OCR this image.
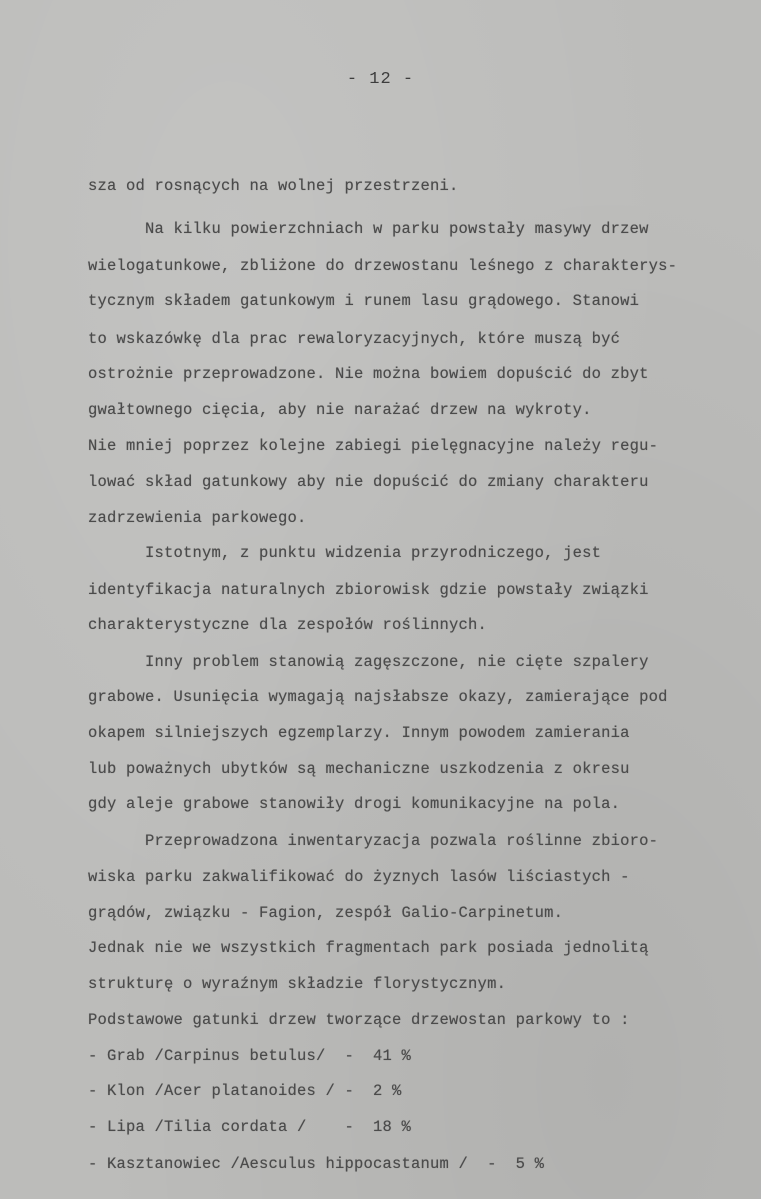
- 12 -
sza od rosnących na wolnej przestrzeni.
Na kilku powierzchniach w parku powstały masywy drzew
wielogatunkowe, zbliżone do drzewostanu leśnego z charakterys-
tycznym składem gatunkowym i runem lasu grądowego. Stanowi
to wskazówkę dla prac rewaloryzacyjnych, które muszą być
ostrożnie przeprowadzone. Nie można bowiem dopuścić do zbyt
gwałtownego cięcia, aby nie narażać drzew na wykroty.
Nie mniej poprzez kolejne zabiegi pielęgnacyjne należy regu-
lować skład gatunkowy aby nie dopuścić do zmiany charakteru
zadrzewienia parkowego.
Istotnym, z punktu widzenia przyrodniczego, jest
identyfikacja naturalnych zbiorowisk gdzie powstały związki
charakterystyczne dla zespołów roślinnych.
Inny problem stanowią zagęszczone, nie cięte szpalery
grabowe. Usunięcia wymagają najsłabsze okazy, zamierające pod
okapem silniejszych egzemplarzy. Innym powodem zamierania
lub poważnych ubytków są mechaniczne uszkodzenia z okresu
gdy aleje grabowe stanowiły drogi komunikacyjne na pola.
Przeprowadzona inwentaryzacja pozwala roślinne zbioro-
wiska parku zakwalifikować do żyznych lasów liściastych -
grądów, związku - Fagion, zespół Galio-Carpinetum.
Jednak nie we wszystkich fragmentach park posiada jednolitą
strukturę o wyraźnym składzie florystycznym.
Podstawowe gatunki drzew tworzące drzewostan parkowy to :
- Grab /Carpinus betulus/  -  41 %
- Klon /Acer platanoides / -  2 %
- Lipa /Tilia cordata /    -  18 %
- Kasztanowiec /Aesculus hippocastanum /  -  5 %
